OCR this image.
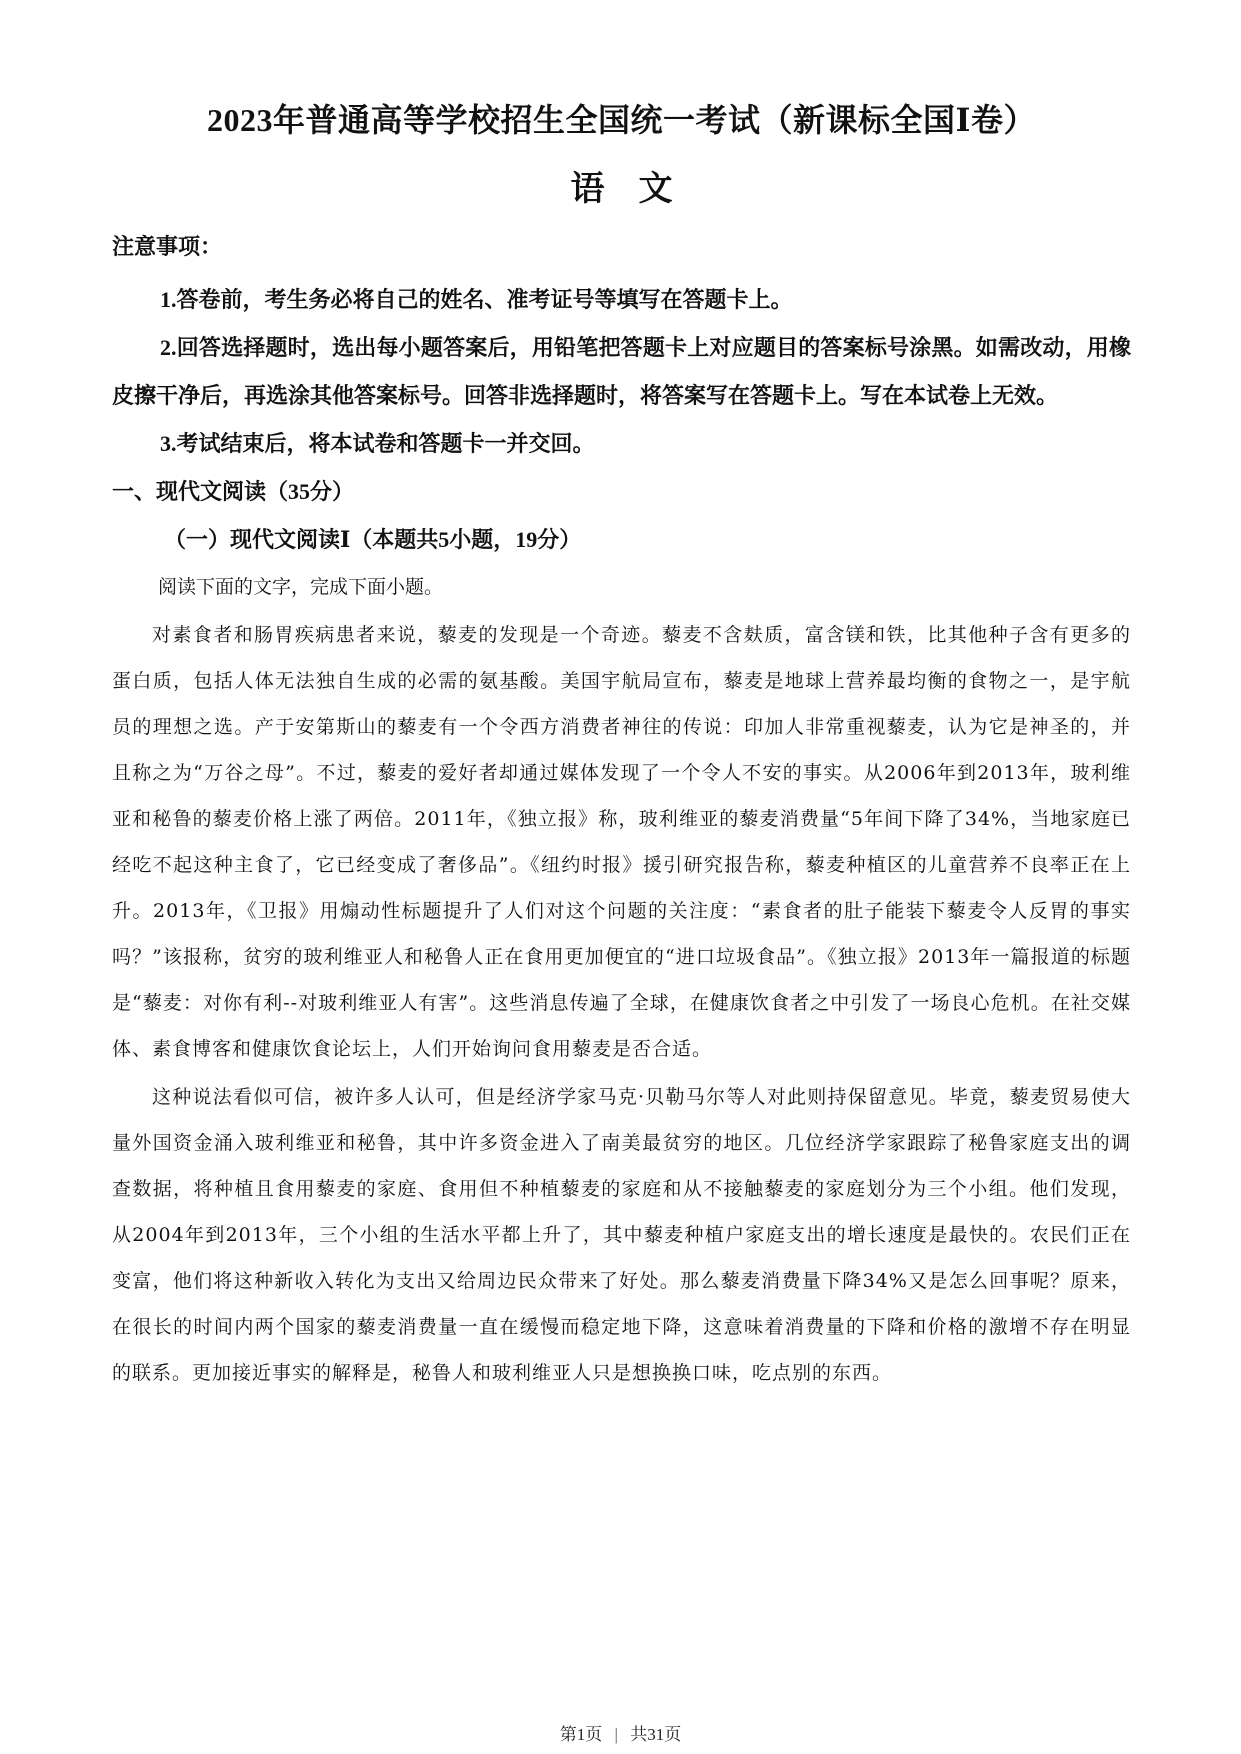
2023年普通高等学校招生全国统一考试（新课标全国Ⅰ卷）
语文

注意事项：

1.答卷前，考生务必将自己的姓名、准考证号等填写在答题卡上。

2.回答选择题时，选出每小题答案后，用铅笔把答题卡上对应题目的答案标号涂黑。如需改动，用橡皮擦干净后，再选涂其他答案标号。回答非选择题时，将答案写在答题卡上。写在本试卷上无效。

3.考试结束后，将本试卷和答题卡一并交回。

一、现代文阅读（35分）

（一）现代文阅读Ⅰ（本题共5小题，19分）

阅读下面的文字，完成下面小题。

对素食者和肠胃疾病患者来说，藜麦的发现是一个奇迹。藜麦不含麸质，富含镁和铁，比其他种子含有更多的蛋白质，包括人体无法独自生成的必需的氨基酸。美国宇航局宣布，藜麦是地球上营养最均衡的食物之一，是宇航员的理想之选。产于安第斯山的藜麦有一个令西方消费者神往的传说：印加人非常重视藜麦，认为它是神圣的，并且称之为“万谷之母”。不过，藜麦的爱好者却通过媒体发现了一个令人不安的事实。从2006年到2013年，玻利维亚和秘鲁的藜麦价格上涨了两倍。2011年，《独立报》称，玻利维亚的藜麦消费量“5年间下降了34%，当地家庭已经吃不起这种主食了，它已经变成了奢侈品”。《纽约时报》援引研究报告称，藜麦种植区的儿童营养不良率正在上升。2013年，《卫报》用煽动性标题提升了人们对这个问题的关注度：“素食者的肚子能装下藜麦令人反胃的事实吗？”该报称，贫穷的玻利维亚人和秘鲁人正在食用更加便宜的“进口垃圾食品”。《独立报》2013年一篇报道的标题是“藜麦：对你有利--对玻利维亚人有害”。这些消息传遍了全球，在健康饮食者之中引发了一场良心危机。在社交媒体、素食博客和健康饮食论坛上，人们开始询问食用藜麦是否合适。

这种说法看似可信，被许多人认可，但是经济学家马克·贝勒马尔等人对此则持保留意见。毕竟，藜麦贸易使大量外国资金涌入玻利维亚和秘鲁，其中许多资金进入了南美最贫穷的地区。几位经济学家跟踪了秘鲁家庭支出的调查数据，将种植且食用藜麦的家庭、食用但不种植藜麦的家庭和从不接触藜麦的家庭划分为三个小组。他们发现，从2004年到2013年，三个小组的生活水平都上升了，其中藜麦种植户家庭支出的增长速度是最快的。农民们正在变富，他们将这种新收入转化为支出又给周边民众带来了好处。那么藜麦消费量下降34%又是怎么回事呢？原来，在很长的时间内两个国家的藜麦消费量一直在缓慢而稳定地下降，这意味着消费量的下降和价格的激增不存在明显的联系。更加接近事实的解释是，秘鲁人和玻利维亚人只是想换换口味，吃点别的东西。

第1页 | 共31页
